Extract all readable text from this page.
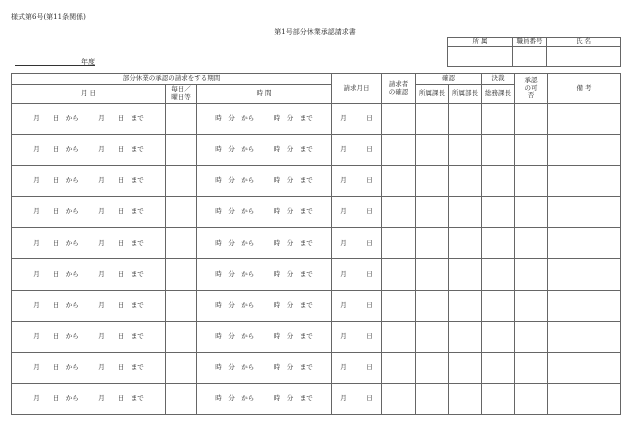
様式第6号(第11条関係)
第1号部分休業承認請求書
所 属	職員番号	氏 名

年度
部分休業の承認の請求をする期間			請求月日	請求者の確認	確認		決裁	承認の可否	備 考
月 日	毎日／曜日等	時 間			所属課長	所属部長	総務課長		
月　　日　から　　　月　　日　まで		時　分　から　　　時　分　まで	月　　　日						
月　　日　から　　　月　　日　まで		時　分　から　　　時　分　まで	月　　　日						
月　　日　から　　　月　　日　まで		時　分　から　　　時　分　まで	月　　　日						
月　　日　から　　　月　　日　まで		時　分　から　　　時　分　まで	月　　　日						
月　　日　から　　　月　　日　まで		時　分　から　　　時　分　まで	月　　　日						
月　　日　から　　　月　　日　まで		時　分　から　　　時　分　まで	月　　　日						
月　　日　から　　　月　　日　まで		時　分　から　　　時　分　まで	月　　　日						
月　　日　から　　　月　　日　まで		時　分　から　　　時　分　まで	月　　　日						
月　　日　から　　　月　　日　まで		時　分　から　　　時　分　まで	月　　　日						
月　　日　から　　　月　　日　まで		時　分　から　　　時　分　まで	月　　　日						
